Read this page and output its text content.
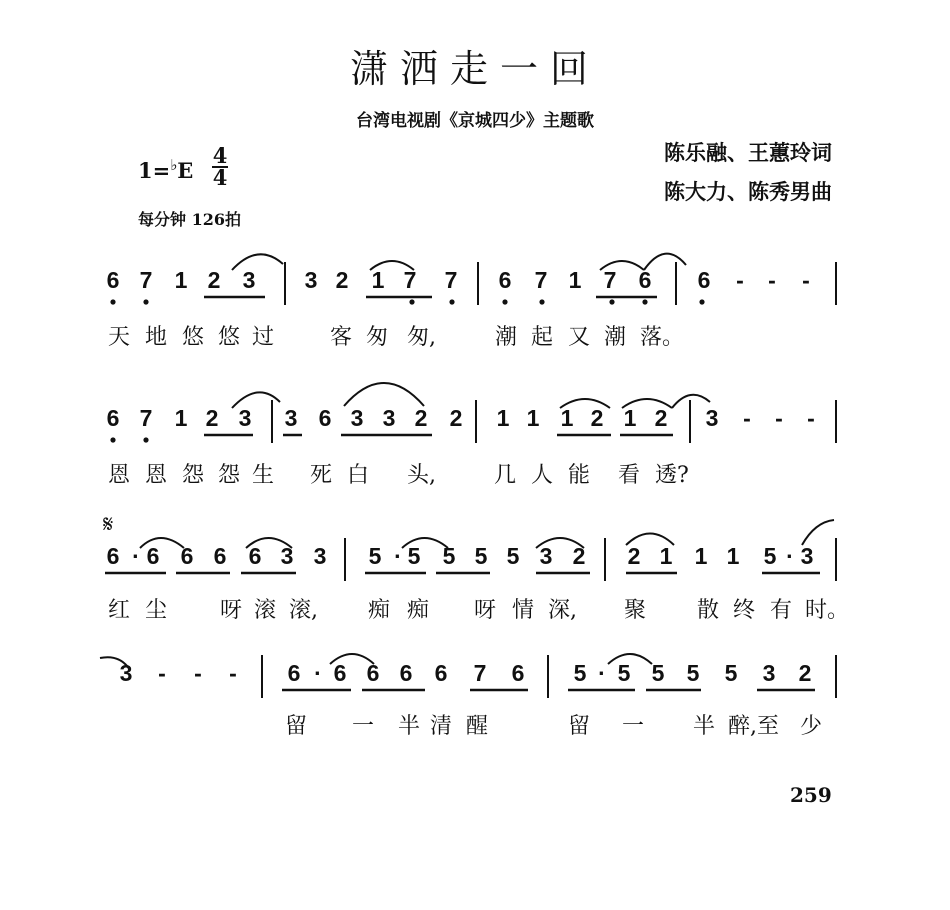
潇洒走一回
台湾电视剧《京城四少》主题歌
陈乐融、王蕙玲词
陈大力、陈秀男曲
1=♭E
4
4
每分钟 126拍
𝄋
259
6 7 1 2 3 3 2 1 7 7 6 7 1 7 6 6 - - -
6 7 1 2 3 3 6 3 3 2 2 1 1 1 2 1 2 3 - - -
6 · 6 6 6 6 3 3 5 · 5 5 5 5 3 2 2 1 1 1 5 · 3
3 - - - 6 · 6 6 6 6 7 6 5 · 5 5 5 5 3 2
天 地 悠 悠 过	客 匆 匆,	潮 起 又 潮 落。
恩 恩 怨 怨 生 死 白 头,	几 人 能 看 透?
红 尘 呀 滚 滚, 痴 痴 呀 情 深, 聚 散 终 有 时。
留 一 半 清 醒	留 一 半 醉,至 少
